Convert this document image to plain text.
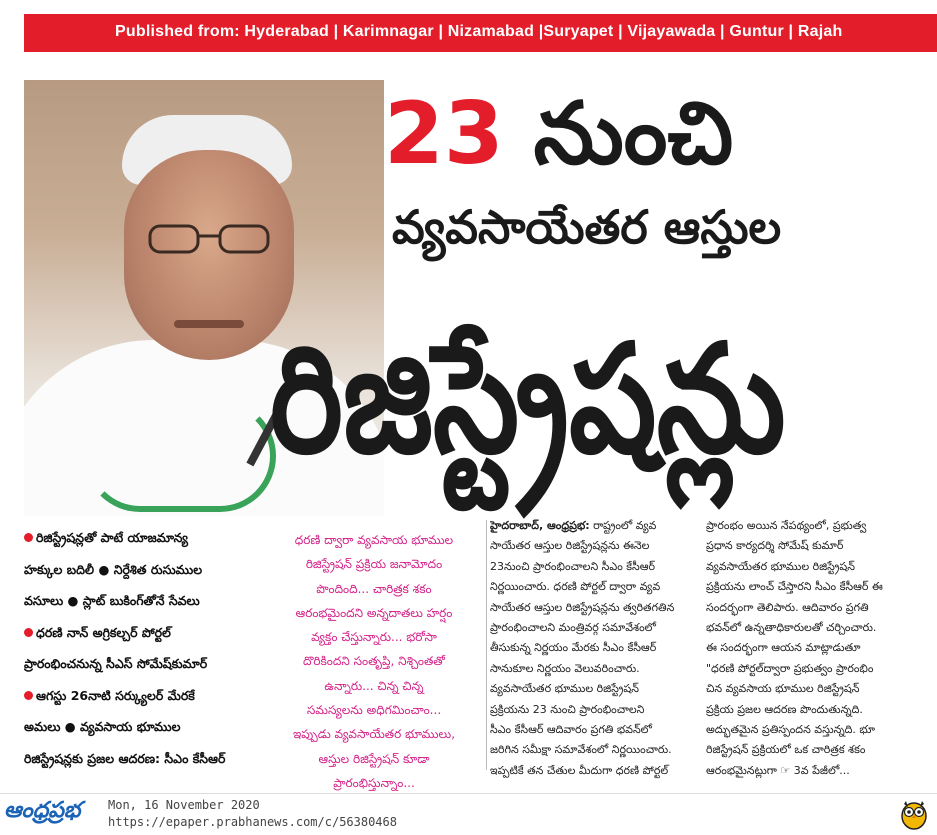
Published from: Hyderabad | Karimnagar | Nizamabad |Suryapet | Vijayawada | Guntur | Rajah
23 నుంచి
వ్యవసాయేతర ఆస్తుల
రిజిస్ట్రేషన్లు
రిజిస్ట్రేషన్లతో పాటే యాజమాన్య
హక్కుల బదిలీ ● నిర్దేశిత రుసుముల
వసూలు ● స్లాట్ బుకింగ్‌తోనే సేవలు
ధరణి నాన్ అగ్రికల్చర్ పోర్టల్
ప్రారంభించనున్న సీఎస్ సోమేష్‌కుమార్
ఆగస్టు 26నాటి సర్క్యులర్ మేరకే
అమలు ● వ్యవసాయ భూముల
రిజిస్ట్రేషన్లకు ప్రజల ఆదరణ: సీఎం కేసీఆర్
ధరణి ద్వారా వ్యవసాయ భూముల
రిజిస్ట్రేషన్ ప్రక్రియ జనామోదం
పొందింది... చారిత్రక శకం
ఆరంభమైందని అన్నదాతలు హర్షం
వ్యక్తం చేస్తున్నారు... భరోసా
దొరికిందని సంతృప్తి, నిశ్చింతతో
ఉన్నారు... చిన్న చిన్న
సమస్యలను అధిగమించాం...
ఇప్పుడు వ్యవసాయేతర భూములు,
ఆస్తుల రిజిస్ట్రేషన్ కూడా
ప్రారంభిస్తున్నాం...
హైదరాబాద్, ఆంధ్రప్రభ: రాష్ట్రంలో వ్యవ
సాయేతర ఆస్తుల రిజిస్ట్రేషన్లను ఈనెల
23నుంచి ప్రారంభించాలని సీఎం కేసీఆర్
నిర్ణయించారు. ధరణి పోర్టల్ ద్వారా వ్యవ
సాయేతర ఆస్తుల రిజిస్ట్రేషన్లను త్వరితగతిన
ప్రారంభించాలని మంత్రివర్గ సమావేశంలో
తీసుకున్న నిర్ణయం మేరకు సీఎం కేసీఆర్
సానుకూల నిర్ణయం వెలువరించారు.
వ్యవసాయేతర భూముల రిజిస్ట్రేషన్
ప్రక్రియను 23 నుంచి ప్రారంభించాలని
సీఎం కేసీఆర్ ఆదివారం ప్రగతి భవన్‌లో
జరిగిన సమీక్షా సమావేశంలో నిర్ణయించారు.
ఇప్పటికే తన చేతుల మీదుగా ధరణి పోర్టల్
ప్రారంభం అయిన నేపథ్యంలో, ప్రభుత్వ
ప్రధాన కార్యదర్శి సోమేష్ కుమార్
వ్యవసాయేతర భూముల రిజిస్ట్రేషన్
ప్రక్రియను లాంచ్ చేస్తారని సీఎం కేసీఆర్ ఈ
సందర్భంగా తెలిపారు. ఆదివారం ప్రగతి
భవన్‌లో ఉన్నతాధికారులతో చర్చించారు.
ఈ సందర్భంగా ఆయన మాట్లాడుతూ
"ధరణి పోర్టల్‌ద్వారా ప్రభుత్వం ప్రారంభిం
చిన వ్యవసాయ భూముల రిజిస్ట్రేషన్
ప్రక్రియ ప్రజల ఆదరణ పొందుతున్నది.
అద్భుతమైన ప్రతిస్పందన వస్తున్నది. భూ
రిజిస్ట్రేషన్ ప్రక్రియలో ఒక చారిత్రక శకం
ఆరంభమైనట్లుగా ☞ 3వ పేజీలో...
ఆంధ్రప్రభ	Mon, 16 November 2020
https://epaper.prabhanews.com/c/56380468
